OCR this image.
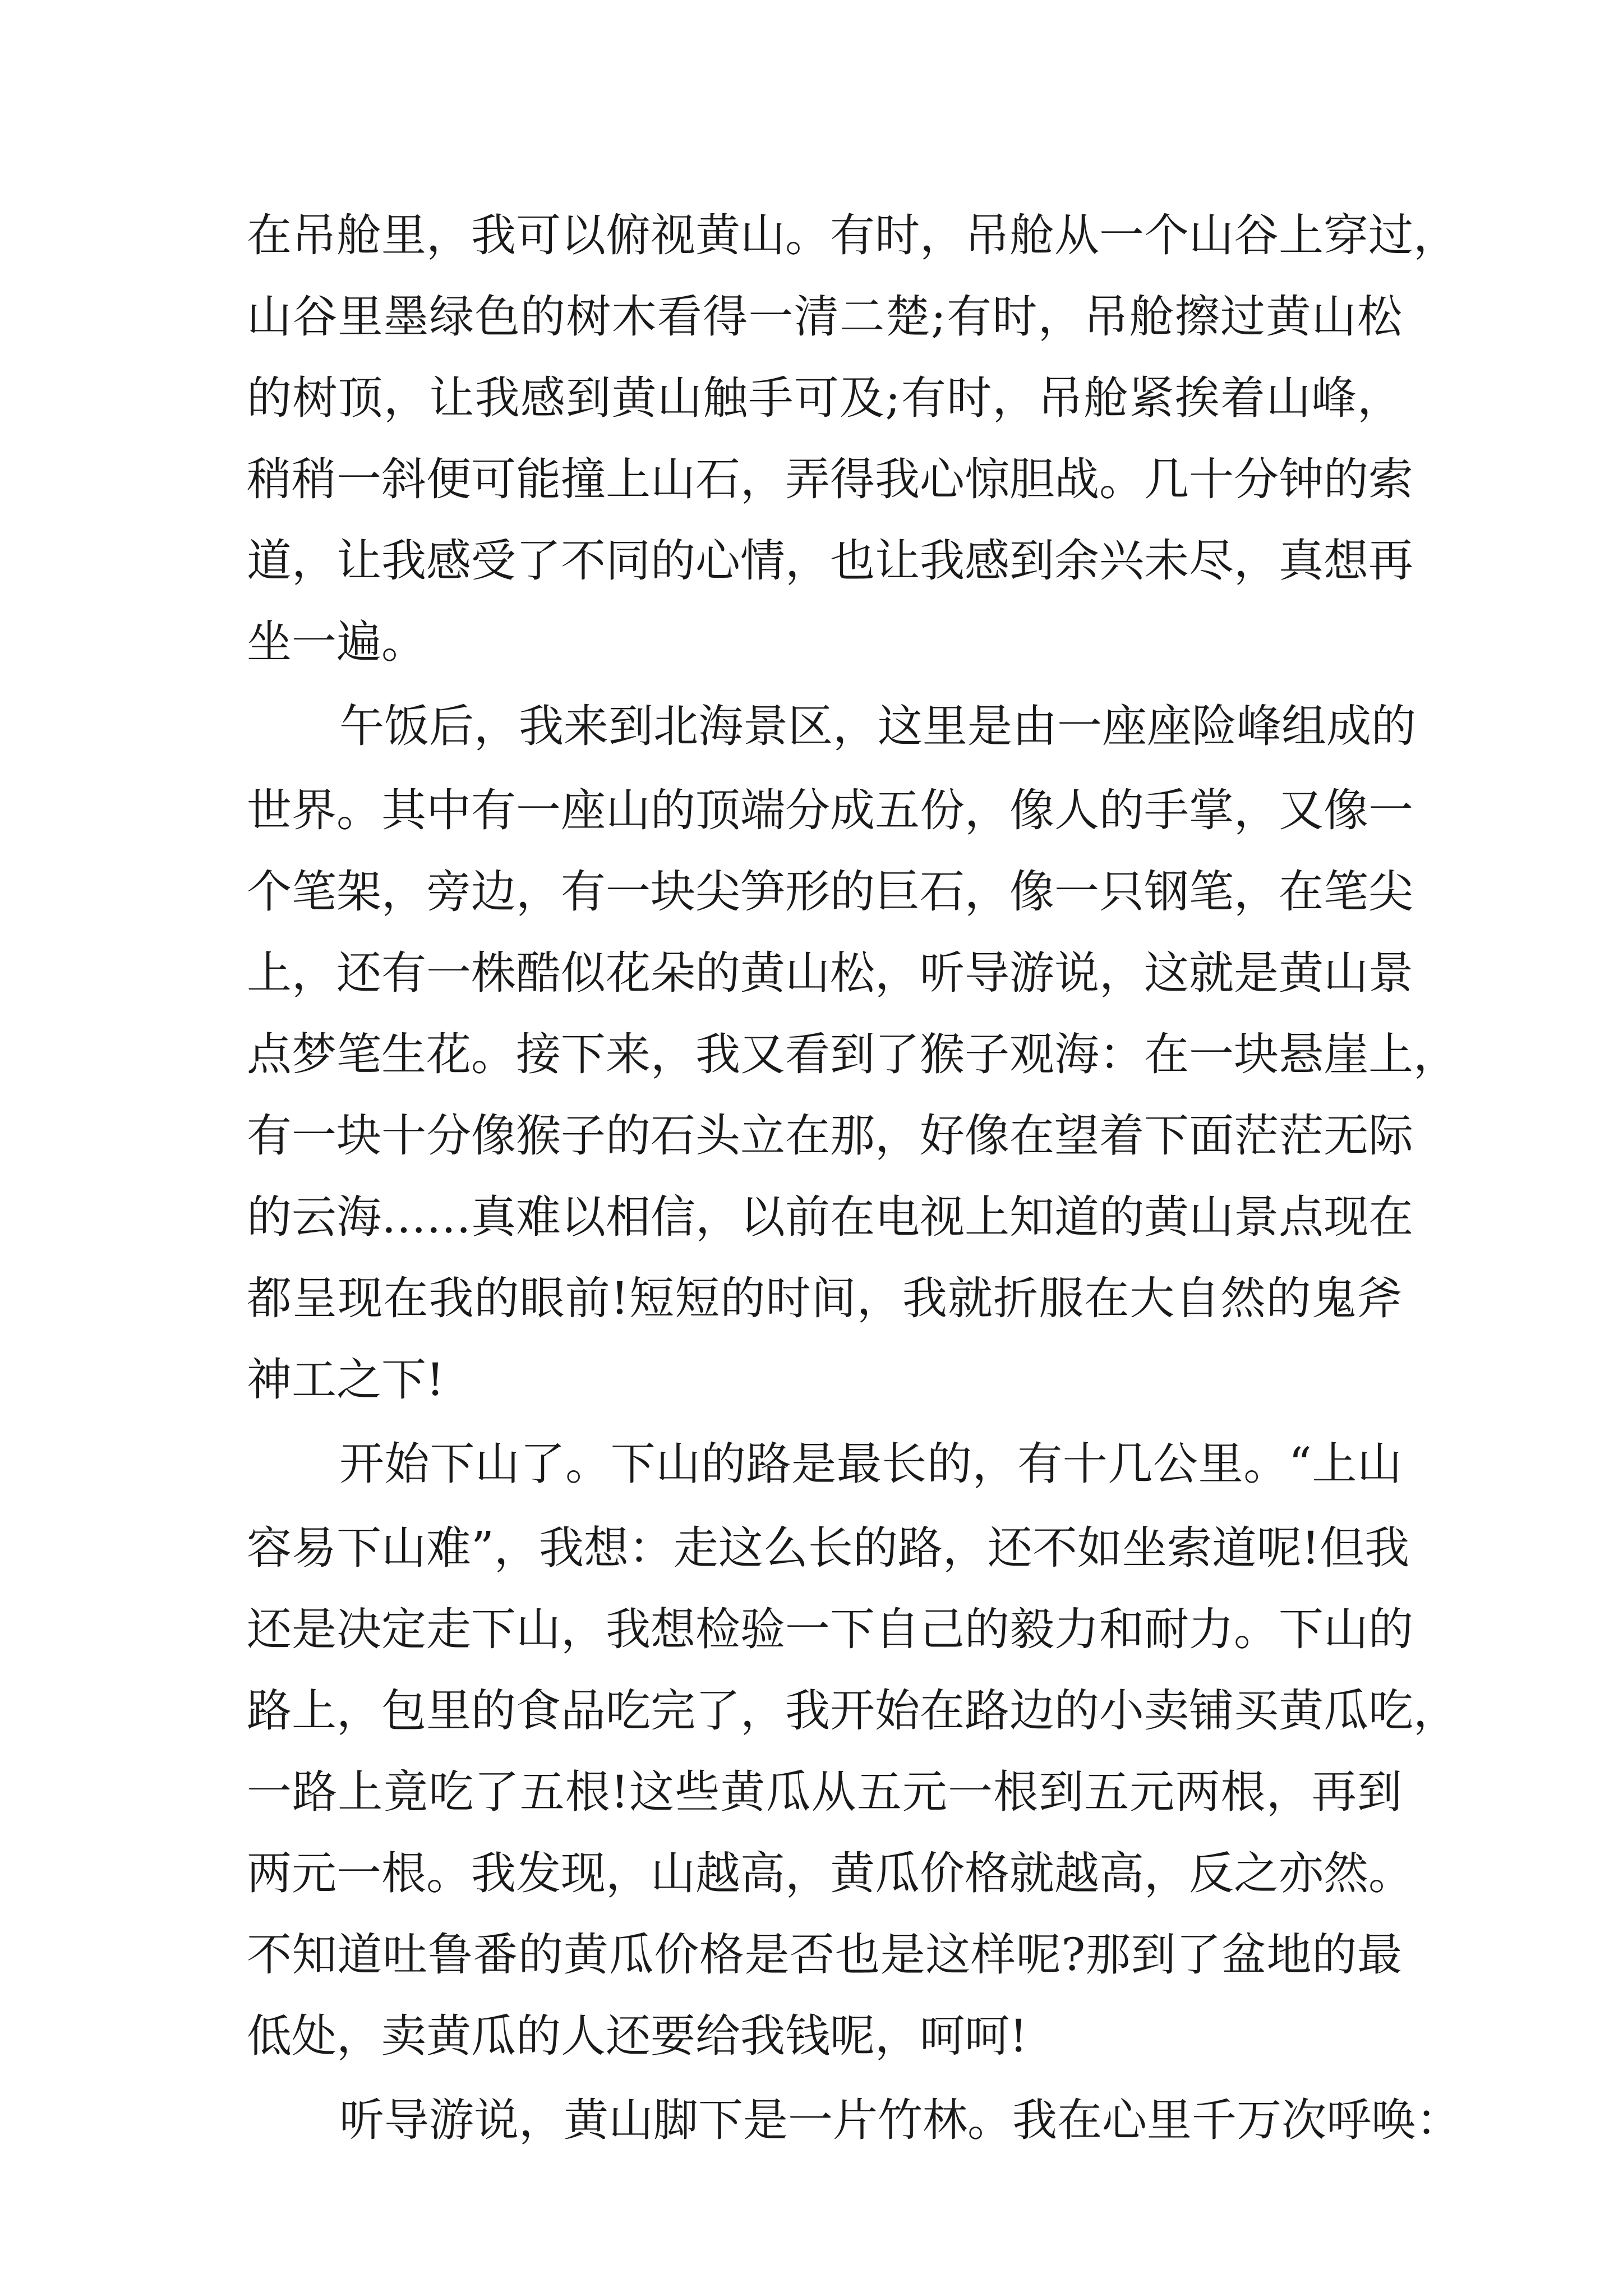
在吊舱里，我可以俯视黄山。有时，吊舱从一个山谷上穿过，
山谷里墨绿色的树木看得一清二楚;有时，吊舱擦过黄山松
的树顶，让我感到黄山触手可及;有时，吊舱紧挨着山峰，
稍稍一斜便可能撞上山石，弄得我心惊胆战。几十分钟的索
道，让我感受了不同的心情，也让我感到余兴未尽，真想再
坐一遍。
午饭后，我来到北海景区，这里是由一座座险峰组成的
世界。其中有一座山的顶端分成五份，像人的手掌，又像一
个笔架，旁边，有一块尖笋形的巨石，像一只钢笔，在笔尖
上，还有一株酷似花朵的黄山松，听导游说，这就是黄山景
点梦笔生花。接下来，我又看到了猴子观海：在一块悬崖上，
有一块十分像猴子的石头立在那，好像在望着下面茫茫无际
的云海……真难以相信，以前在电视上知道的黄山景点现在
都呈现在我的眼前!短短的时间，我就折服在大自然的鬼斧
神工之下!
开始下山了。下山的路是最长的，有十几公里。“上山
容易下山难”，我想：走这么长的路，还不如坐索道呢!但我
还是决定走下山，我想检验一下自己的毅力和耐力。下山的
路上，包里的食品吃完了，我开始在路边的小卖铺买黄瓜吃，
一路上竟吃了五根!这些黄瓜从五元一根到五元两根，再到
两元一根。我发现，山越高，黄瓜价格就越高，反之亦然。
不知道吐鲁番的黄瓜价格是否也是这样呢?那到了盆地的最
低处，卖黄瓜的人还要给我钱呢，呵呵!
听导游说，黄山脚下是一片竹林。我在心里千万次呼唤：
